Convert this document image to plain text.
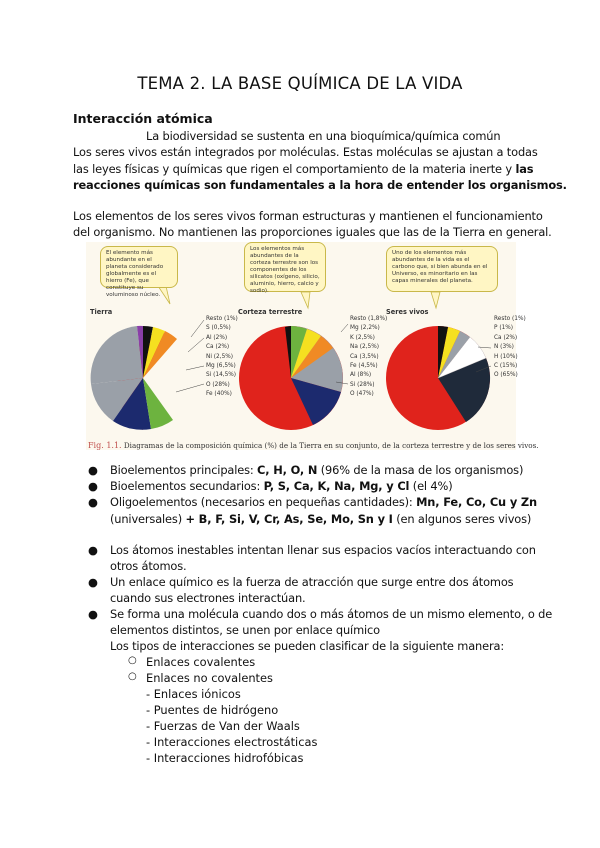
TEMA 2. LA BASE QUÍMICA DE LA VIDA
Interacción atómica
La biodiversidad se sustenta en una bioquímica/química común
Los seres vivos están integrados por moléculas. Estas moléculas se ajustan a todas
las leyes físicas y químicas que rigen el comportamiento de la materia inerte y las
reacciones químicas son fundamentales a la hora de entender los organismos.
Los elementos de los seres vivos forman estructuras y mantienen el funcionamiento
del organismo. No mantienen las proporciones iguales que las de la Tierra en general.
El elemento más abundante en el planeta considerado globalmente es el hierro (Fe), que constituye su voluminoso núcleo.
Los elementos más abundantes de la corteza terrestre son los componentes de los silicatos (oxígeno, silicio, aluminio, hierro, calcio y sodio).
Uno de los elementos más abundantes de la vida es el carbono que, si bien abunda en el Universo, es minoritario en las capas minerales del planeta.
Tierra	Corteza terrestre	Seres vivos
Resto (1%)
S (0,5%)
Al (2%)
Ca (2%)
Ni (2,5%)
Mg (6,5%)
Si (14,5%)
O (28%)
Fe (40%)
Resto (1,8%)
Mg (2,2%)
K (2,5%)
Na (2,5%)
Ca (3,5%)
Fe (4,5%)
Al (8%)
Si (28%)
O (47%)
Resto (1%)
P (1%)
Ca (2%)
N (3%)
H (10%)
C (15%)
O (65%)
Fig. 1.1. Diagramas de la composición química (%) de la Tierra en su conjunto, de la corteza terrestre y de los seres vivos.
● Bioelementos principales: C, H, O, N (96% de la masa de los organismos)
● Bioelementos secundarios: P, S, Ca, K, Na, Mg, y Cl (el 4%)
● Oligoelementos (necesarios en pequeñas cantidades): Mn, Fe, Co, Cu y Zn
(universales) + B, F, Si, V, Cr, As, Se, Mo, Sn y I (en algunos seres vivos)
● Los átomos inestables intentan llenar sus espacios vacíos interactuando con
otros átomos.
● Un enlace químico es la fuerza de atracción que surge entre dos átomos
cuando sus electrones interactúan.
● Se forma una molécula cuando dos o más átomos de un mismo elemento, o de
elementos distintos, se unen por enlace químico
Los tipos de interacciones se pueden clasificar de la siguiente manera:
○ Enlaces covalentes
○ Enlaces no covalentes
- Enlaces iónicos
- Puentes de hidrógeno
- Fuerzas de Van der Waals
- Interacciones electrostáticas
- Interacciones hidrofóbicas
